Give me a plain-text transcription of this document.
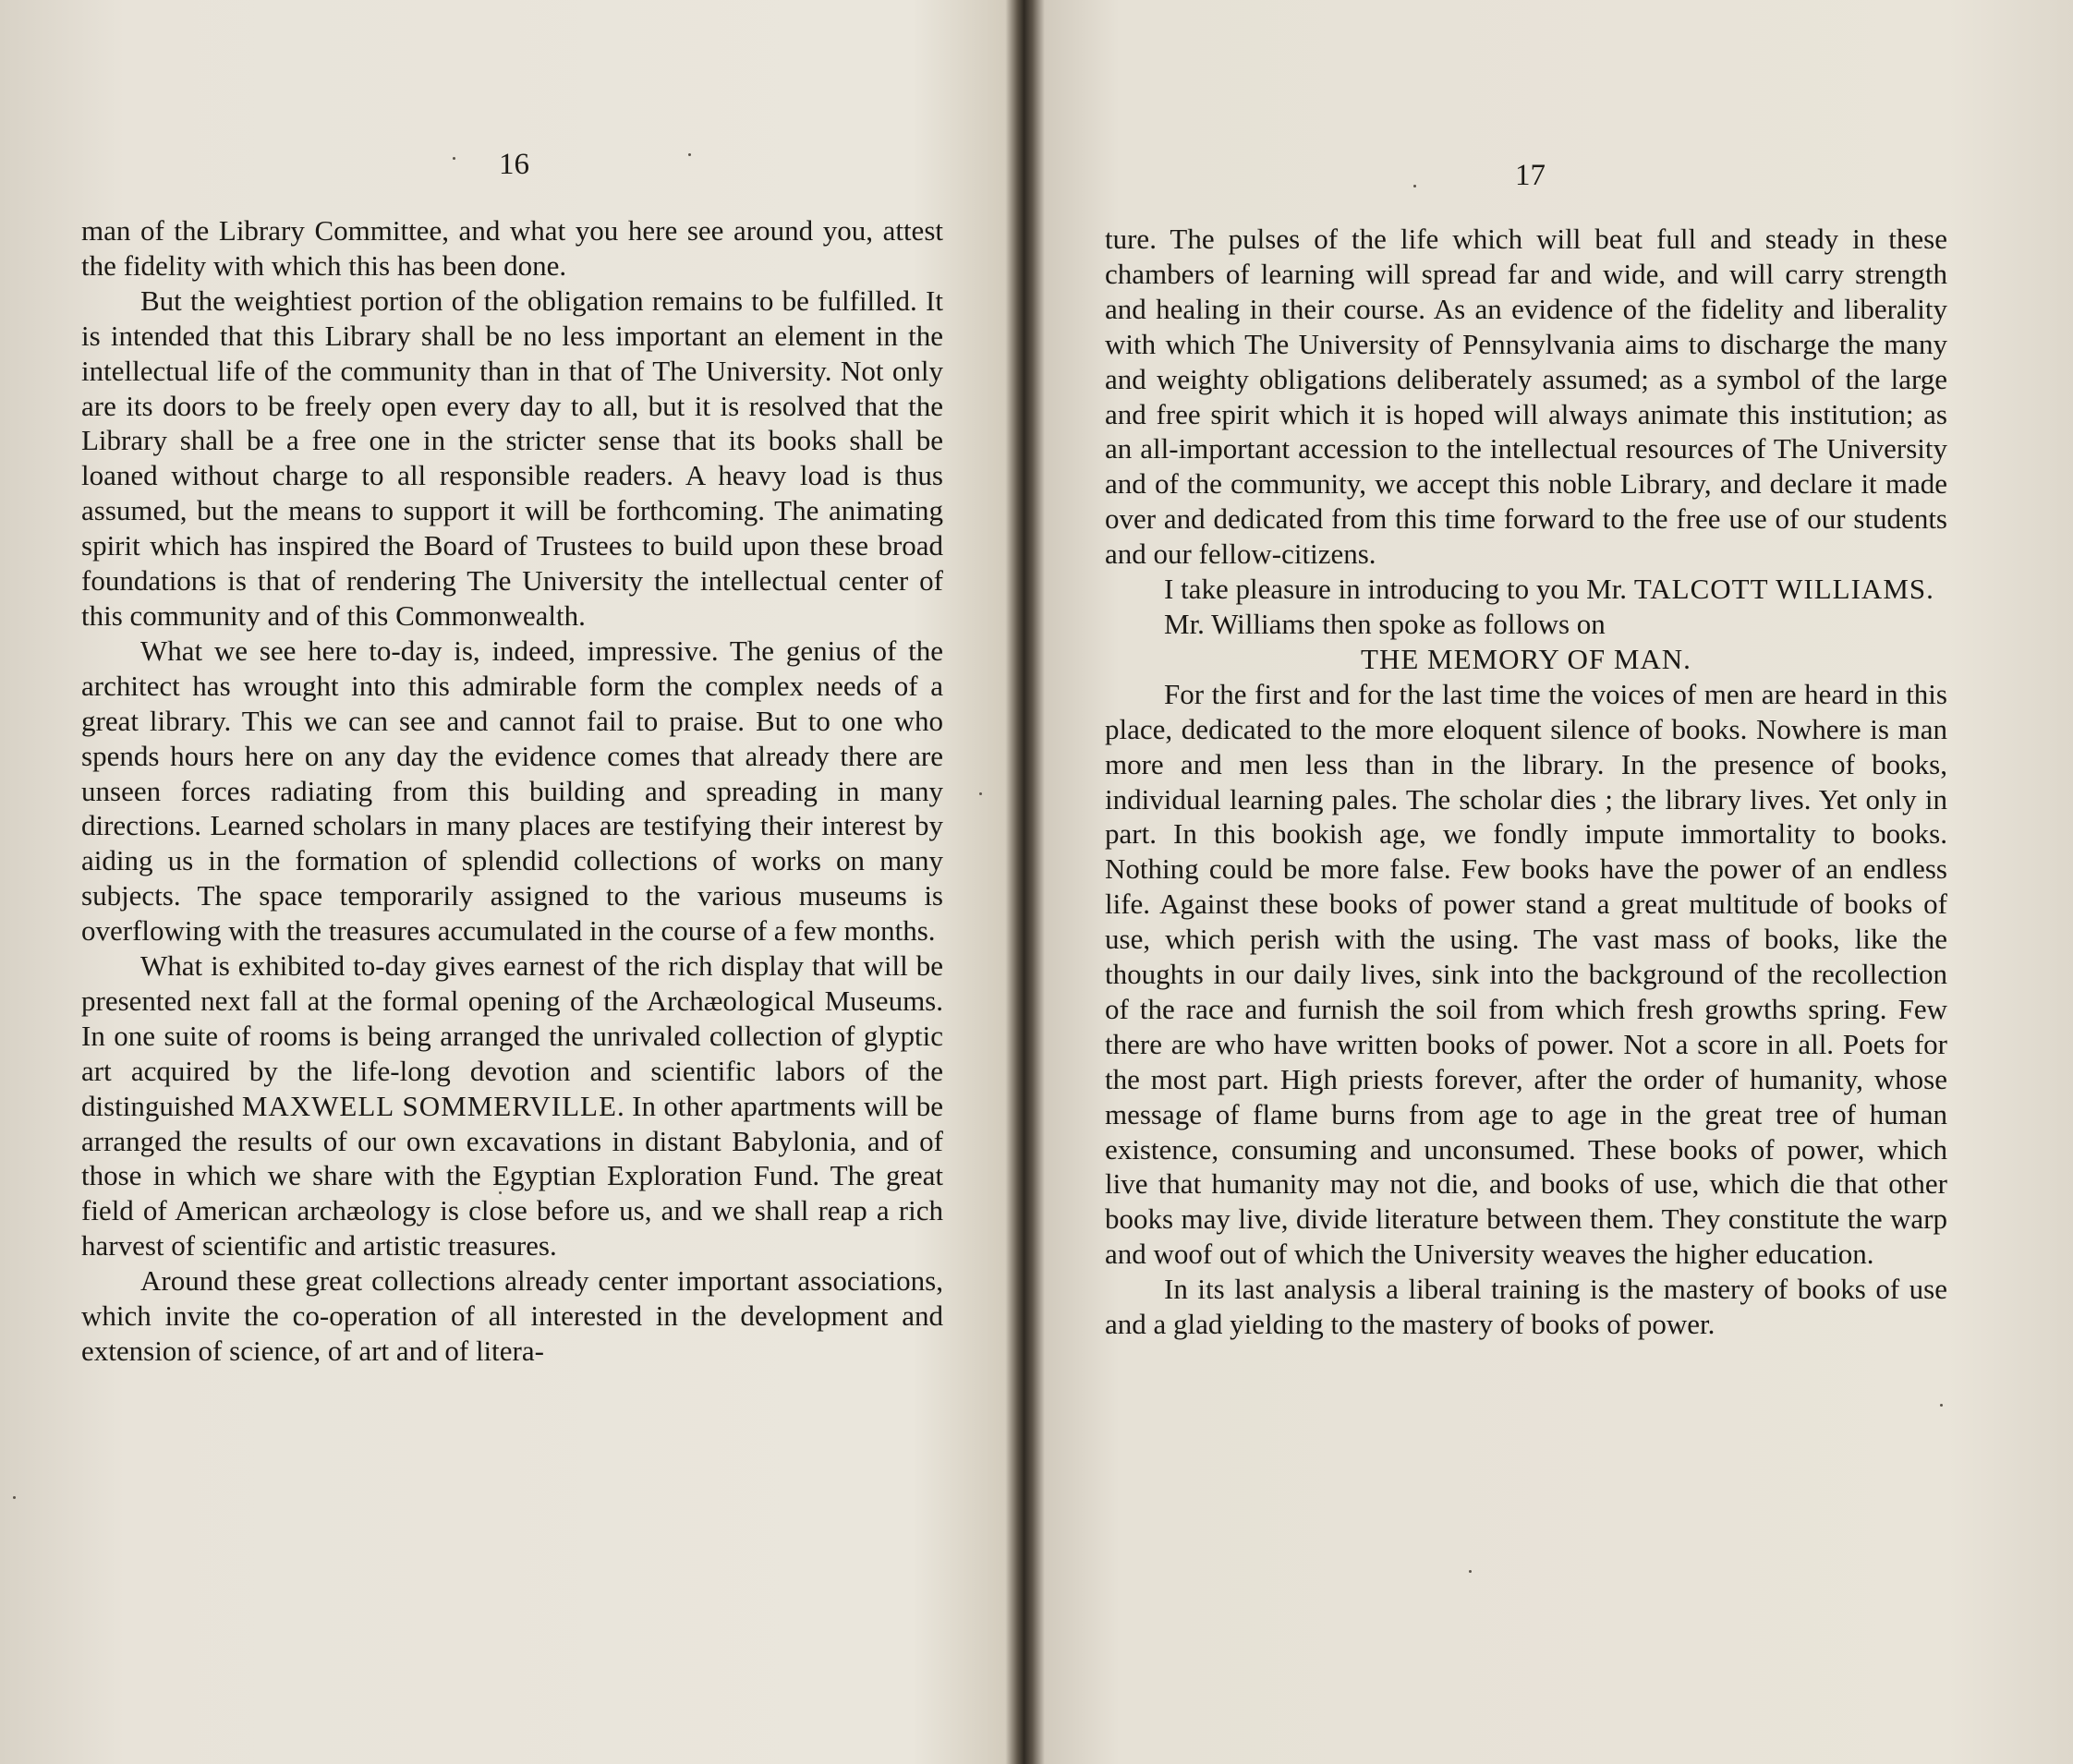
16

man of the Library Committee, and what you here see around you, attest the fidelity with which this has been done.

But the weightiest portion of the obligation remains to be fulfilled. It is intended that this Library shall be no less important an element in the intellectual life of the community than in that of The University. Not only are its doors to be freely open every day to all, but it is resolved that the Library shall be a free one in the stricter sense that its books shall be loaned without charge to all responsible readers. A heavy load is thus assumed, but the means to support it will be forthcoming. The animating spirit which has inspired the Board of Trustees to build upon these broad foundations is that of rendering The University the intellectual center of this community and of this Commonwealth.

What we see here to-day is, indeed, impressive. The genius of the architect has wrought into this admirable form the complex needs of a great library. This we can see and cannot fail to praise. But to one who spends hours here on any day the evidence comes that already there are unseen forces radiating from this building and spreading in many directions. Learned scholars in many places are testifying their interest by aiding us in the formation of splendid collections of works on many subjects. The space temporarily assigned to the various museums is overflowing with the treasures accumulated in the course of a few months.

What is exhibited to-day gives earnest of the rich display that will be presented next fall at the formal opening of the Archæological Museums. In one suite of rooms is being arranged the unrivaled collection of glyptic art acquired by the life-long devotion and scientific labors of the distinguished MAXWELL SOMMERVILLE. In other apartments will be arranged the results of our own excavations in distant Babylonia, and of those in which we share with the Egyptian Exploration Fund. The great field of American archæology is close before us, and we shall reap a rich harvest of scientific and artistic treasures.

Around these great collections already center important associations, which invite the co-operation of all interested in the development and extension of science, of art and of litera-

17

ture. The pulses of the life which will beat full and steady in these chambers of learning will spread far and wide, and will carry strength and healing in their course. As an evidence of the fidelity and liberality with which The University of Pennsylvania aims to discharge the many and weighty obligations deliberately assumed; as a symbol of the large and free spirit which it is hoped will always animate this institution; as an all-important accession to the intellectual resources of The University and of the community, we accept this noble Library, and declare it made over and dedicated from this time forward to the free use of our students and our fellow-citizens.

I take pleasure in introducing to you Mr. TALCOTT WILLIAMS.

Mr. Williams then spoke as follows on

THE MEMORY OF MAN.

For the first and for the last time the voices of men are heard in this place, dedicated to the more eloquent silence of books. Nowhere is man more and men less than in the library. In the presence of books, individual learning pales. The scholar dies ; the library lives. Yet only in part. In this bookish age, we fondly impute immortality to books. Nothing could be more false. Few books have the power of an endless life. Against these books of power stand a great multitude of books of use, which perish with the using. The vast mass of books, like the thoughts in our daily lives, sink into the background of the recollection of the race and furnish the soil from which fresh growths spring. Few there are who have written books of power. Not a score in all. Poets for the most part. High priests forever, after the order of humanity, whose message of flame burns from age to age in the great tree of human existence, consuming and unconsumed. These books of power, which live that humanity may not die, and books of use, which die that other books may live, divide literature between them. They constitute the warp and woof out of which the University weaves the higher education.

In its last analysis a liberal training is the mastery of books of use and a glad yielding to the mastery of books of power.
